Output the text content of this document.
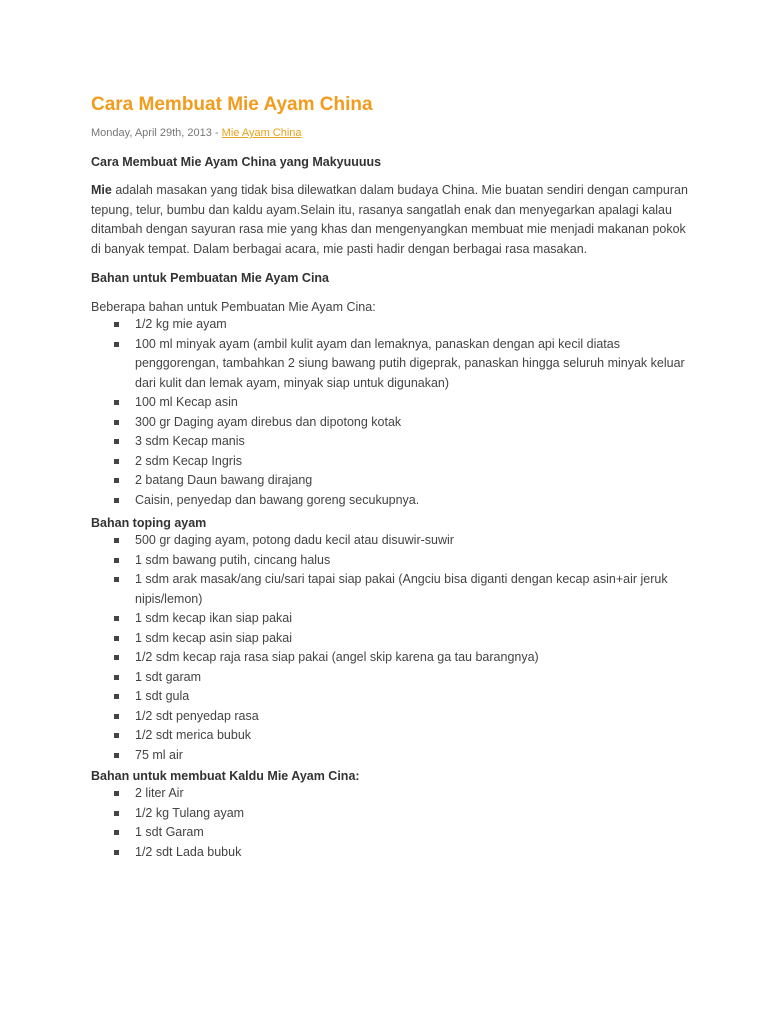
Cara Membuat Mie Ayam China
Monday, April 29th, 2013 - Mie Ayam China
Cara Membuat Mie Ayam China yang Makyuuuus
Mie adalah masakan yang tidak bisa dilewatkan dalam budaya China. Mie buatan sendiri dengan campuran tepung, telur, bumbu dan kaldu ayam.Selain itu, rasanya sangatlah enak dan menyegarkan apalagi kalau ditambah dengan sayuran rasa mie yang khas dan mengenyangkan membuat mie menjadi makanan pokok di banyak tempat. Dalam berbagai acara, mie pasti hadir dengan berbagai rasa masakan.
Bahan untuk Pembuatan Mie Ayam Cina
Beberapa bahan untuk Pembuatan Mie Ayam Cina:
1/2 kg mie ayam
100 ml minyak ayam (ambil kulit ayam dan lemaknya, panaskan dengan api kecil diatas penggorengan, tambahkan 2 siung bawang putih digeprak, panaskan hingga seluruh minyak keluar dari kulit dan lemak ayam, minyak siap untuk digunakan)
100 ml Kecap asin
300 gr Daging ayam direbus dan dipotong kotak
3 sdm Kecap manis
2 sdm Kecap Ingris
2 batang Daun bawang dirajang
Caisin, penyedap dan bawang goreng secukupnya.
Bahan toping ayam
500 gr daging ayam, potong dadu kecil atau disuwir-suwir
1 sdm bawang putih, cincang halus
1 sdm arak masak/ang ciu/sari tapai siap pakai (Angciu bisa diganti dengan kecap asin+air jeruk nipis/lemon)
1 sdm kecap ikan siap pakai
1 sdm kecap asin siap pakai
1/2 sdm kecap raja rasa siap pakai (angel skip karena ga tau barangnya)
1 sdt garam
1 sdt gula
1/2 sdt penyedap rasa
1/2 sdt merica bubuk
75 ml air
Bahan untuk membuat Kaldu Mie Ayam Cina:
2 liter Air
1/2 kg Tulang ayam
1 sdt Garam
1/2 sdt Lada bubuk
